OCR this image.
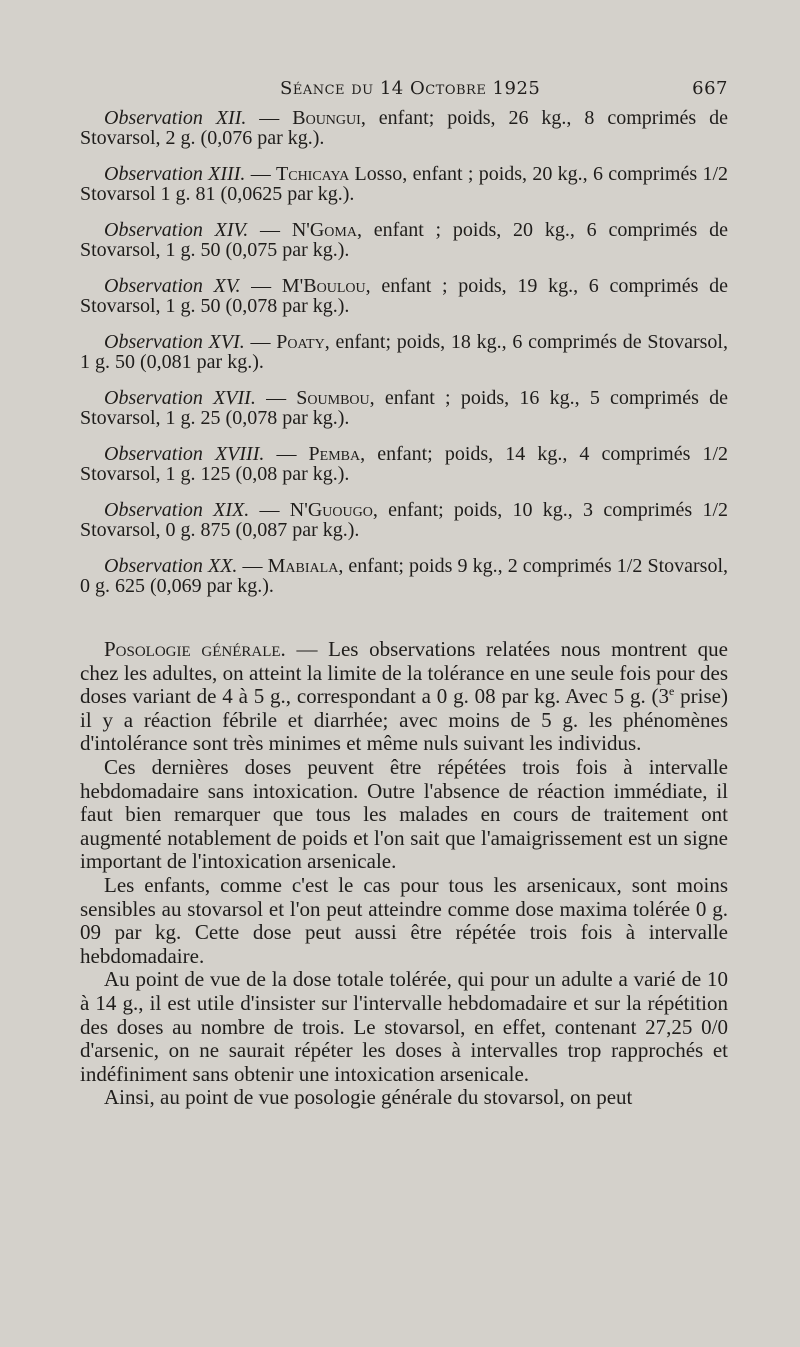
Séance du 14 Octobre 1925	667

Observation XII. — Boungui, enfant; poids, 26 kg., 8 comprimés de Stovarsol, 2 g. (0,076 par kg.).

Observation XIII. — Tchicaya Losso, enfant ; poids, 20 kg., 6 comprimés 1/2 Stovarsol 1 g. 81 (0,0625 par kg.).

Observation XIV. — N'Goma, enfant ; poids, 20 kg., 6 comprimés de Stovarsol, 1 g. 50 (0,075 par kg.).

Observation XV. — M'Boulou, enfant ; poids, 19 kg., 6 comprimés de Stovarsol, 1 g. 50 (0,078 par kg.).

Observation XVI. — Poaty, enfant; poids, 18 kg., 6 comprimés de Stovarsol, 1 g. 50 (0,081 par kg.).

Observation XVII. — Soumbou, enfant ; poids, 16 kg., 5 comprimés de Stovarsol, 1 g. 25 (0,078 par kg.).

Observation XVIII. — Pemba, enfant; poids, 14 kg., 4 comprimés 1/2 Stovarsol, 1 g. 125 (0,08 par kg.).

Observation XIX. — N'Guougo, enfant; poids, 10 kg., 3 comprimés 1/2 Stovarsol, 0 g. 875 (0,087 par kg.).

Observation XX. — Mabiala, enfant; poids 9 kg., 2 comprimés 1/2 Stovarsol, 0 g. 625 (0,069 par kg.).

Posologie générale. — Les observations relatées nous montrent que chez les adultes, on atteint la limite de la tolérance en une seule fois pour des doses variant de 4 à 5 g., correspondant a 0 g. 08 par kg. Avec 5 g. (3e prise) il y a réaction fébrile et diarrhée; avec moins de 5 g. les phénomènes d'intolérance sont très minimes et même nuls suivant les individus.

Ces dernières doses peuvent être répétées trois fois à intervalle hebdomadaire sans intoxication. Outre l'absence de réaction immédiate, il faut bien remarquer que tous les malades en cours de traitement ont augmenté notablement de poids et l'on sait que l'amaigrissement est un signe important de l'intoxication arsenicale.

Les enfants, comme c'est le cas pour tous les arsenicaux, sont moins sensibles au stovarsol et l'on peut atteindre comme dose maxima tolérée 0 g. 09 par kg. Cette dose peut aussi être répétée trois fois à intervalle hebdomadaire.

Au point de vue de la dose totale tolérée, qui pour un adulte a varié de 10 à 14 g., il est utile d'insister sur l'intervalle hebdomadaire et sur la répétition des doses au nombre de trois. Le stovarsol, en effet, contenant 27,25 0/0 d'arsenic, on ne saurait répéter les doses à intervalles trop rapprochés et indéfiniment sans obtenir une intoxication arsenicale.

Ainsi, au point de vue posologie générale du stovarsol, on peut
